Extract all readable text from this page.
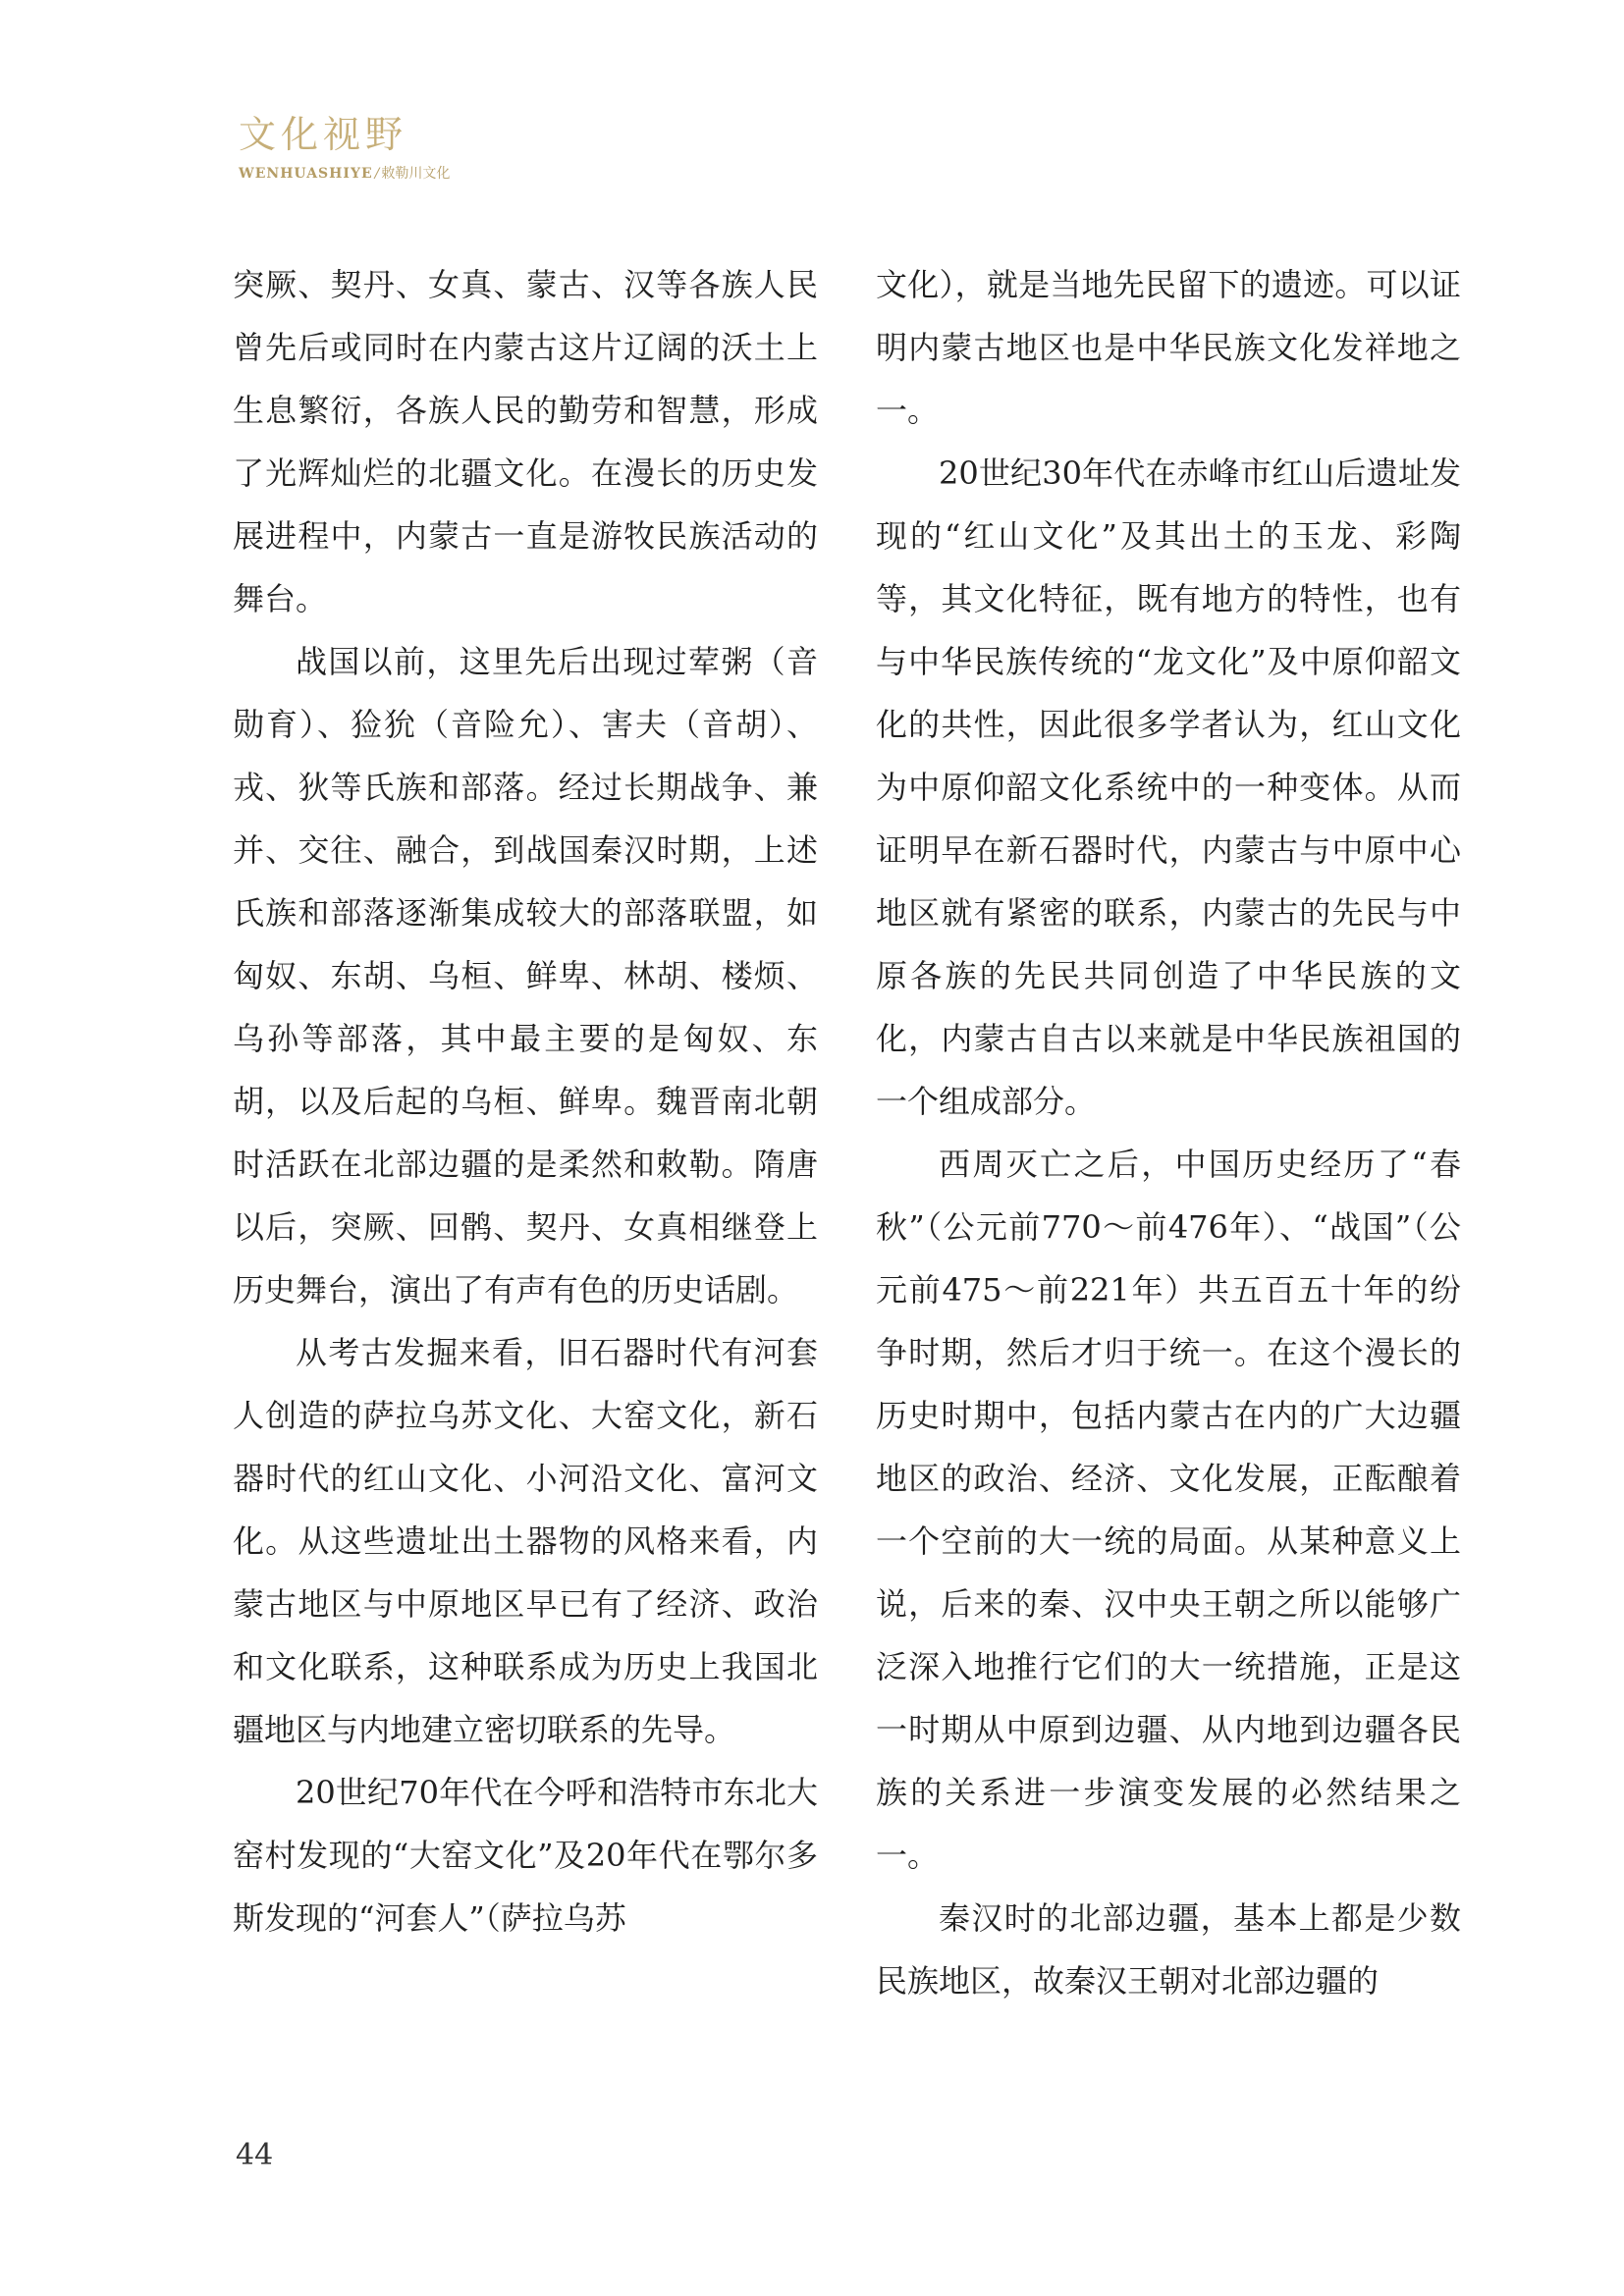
文化视野
WENHUASHIYE / 敕勒川文化

突厥、契丹、女真、蒙古、汉等各族人民曾先后或同时在内蒙古这片辽阔的沃土上生息繁衍，各族人民的勤劳和智慧，形成了光辉灿烂的北疆文化。在漫长的历史发展进程中，内蒙古一直是游牧民族活动的舞台。

战国以前，这里先后出现过荤粥（音勋育）、猃狁（音险允）、害夫（音胡）、戎、狄等氏族和部落。经过长期战争、兼并、交往、融合，到战国秦汉时期，上述氏族和部落逐渐集成较大的部落联盟，如匈奴、东胡、乌桓、鲜卑、林胡、楼烦、乌孙等部落，其中最主要的是匈奴、东胡，以及后起的乌桓、鲜卑。魏晋南北朝时活跃在北部边疆的是柔然和敕勒。隋唐以后，突厥、回鹘、契丹、女真相继登上历史舞台，演出了有声有色的历史话剧。

从考古发掘来看，旧石器时代有河套人创造的萨拉乌苏文化、大窑文化，新石器时代的红山文化、小河沿文化、富河文化。从这些遗址出土器物的风格来看，内蒙古地区与中原地区早已有了经济、政治和文化联系，这种联系成为历史上我国北疆地区与内地建立密切联系的先导。

20世纪70年代在今呼和浩特市东北大窑村发现的“大窑文化”及20年代在鄂尔多斯发现的“河套人”（萨拉乌苏

文化），就是当地先民留下的遗迹。可以证明内蒙古地区也是中华民族文化发祥地之一。

20世纪30年代在赤峰市红山后遗址发现的“红山文化”及其出土的玉龙、彩陶等，其文化特征，既有地方的特性，也有与中华民族传统的“龙文化”及中原仰韶文化的共性，因此很多学者认为，红山文化为中原仰韶文化系统中的一种变体。从而证明早在新石器时代，内蒙古与中原中心地区就有紧密的联系，内蒙古的先民与中原各族的先民共同创造了中华民族的文化，内蒙古自古以来就是中华民族祖国的一个组成部分。

西周灭亡之后，中国历史经历了“春秋”（公元前770～前476年）、“战国”（公元前475～前221年）共五百五十年的纷争时期，然后才归于统一。在这个漫长的历史时期中，包括内蒙古在内的广大边疆地区的政治、经济、文化发展，正酝酿着一个空前的大一统的局面。从某种意义上说，后来的秦、汉中央王朝之所以能够广泛深入地推行它们的大一统措施，正是这一时期从中原到边疆、从内地到边疆各民族的关系进一步演变发展的必然结果之一。

秦汉时的北部边疆，基本上都是少数民族地区，故秦汉王朝对北部边疆的

44
